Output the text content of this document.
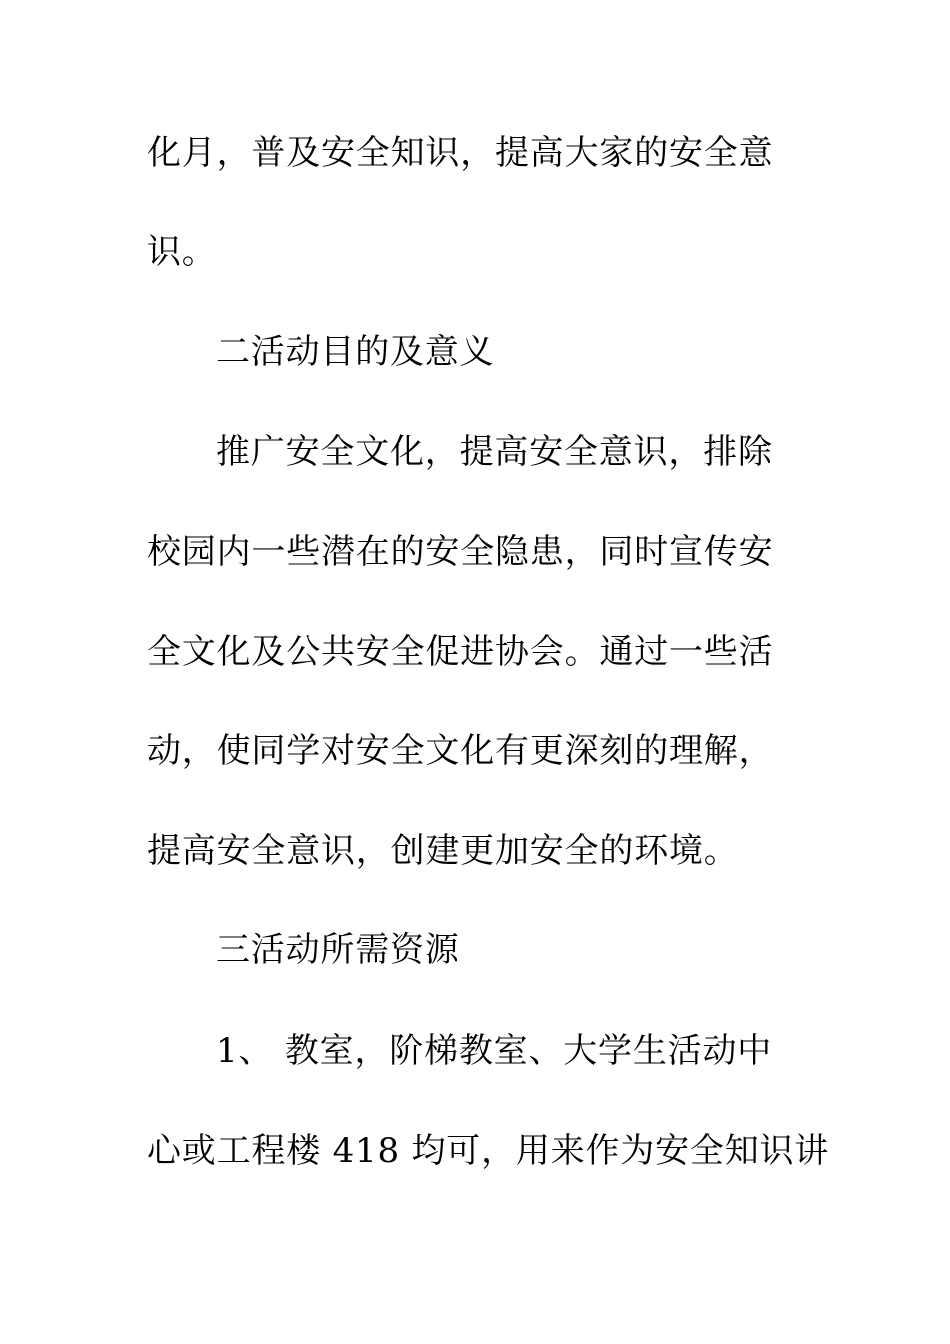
化月，普及安全知识，提高大家的安全意

识。

二活动目的及意义

推广安全文化，提高安全意识，排除

校园内一些潜在的安全隐患，同时宣传安

全文化及公共安全促进协会。通过一些活

动，使同学对安全文化有更深刻的理解，

提高安全意识，创建更加安全的环境。

三活动所需资源

1、 教室，阶梯教室、大学生活动中

心或工程楼 418 均可，用来作为安全知识讲
